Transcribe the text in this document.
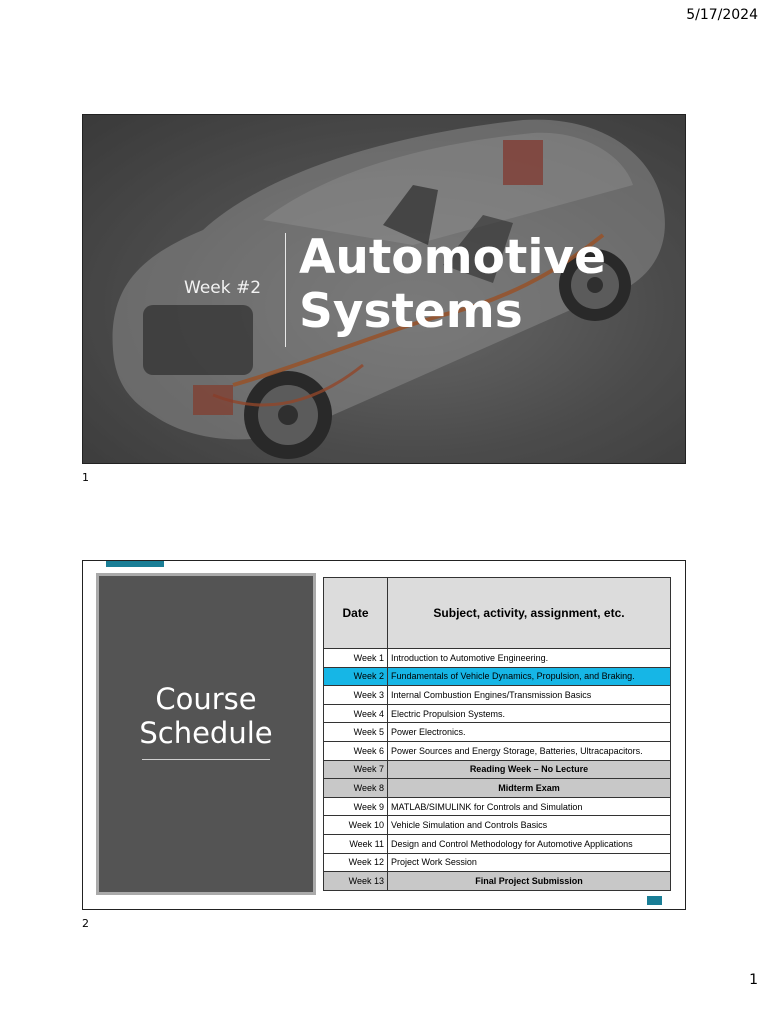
5/17/2024
Week #2
Automotive
Systems
1
Course
Schedule
Date	Subject, activity, assignment, etc.
Week 1	Introduction to Automotive Engineering.
Week 2	Fundamentals of Vehicle Dynamics, Propulsion, and Braking.
Week 3	Internal Combustion Engines/Transmission Basics
Week 4	Electric Propulsion Systems.
Week 5	Power Electronics.
Week 6	Power Sources and Energy Storage, Batteries, Ultracapacitors.
Week 7	Reading Week – No Lecture
Week 8	Midterm Exam
Week 9	MATLAB/SIMULINK for Controls and Simulation
Week 10	Vehicle Simulation and Controls Basics
Week 11	Design and Control Methodology for Automotive Applications
Week 12	Project Work Session
Week 13	Final Project Submission
2
1
